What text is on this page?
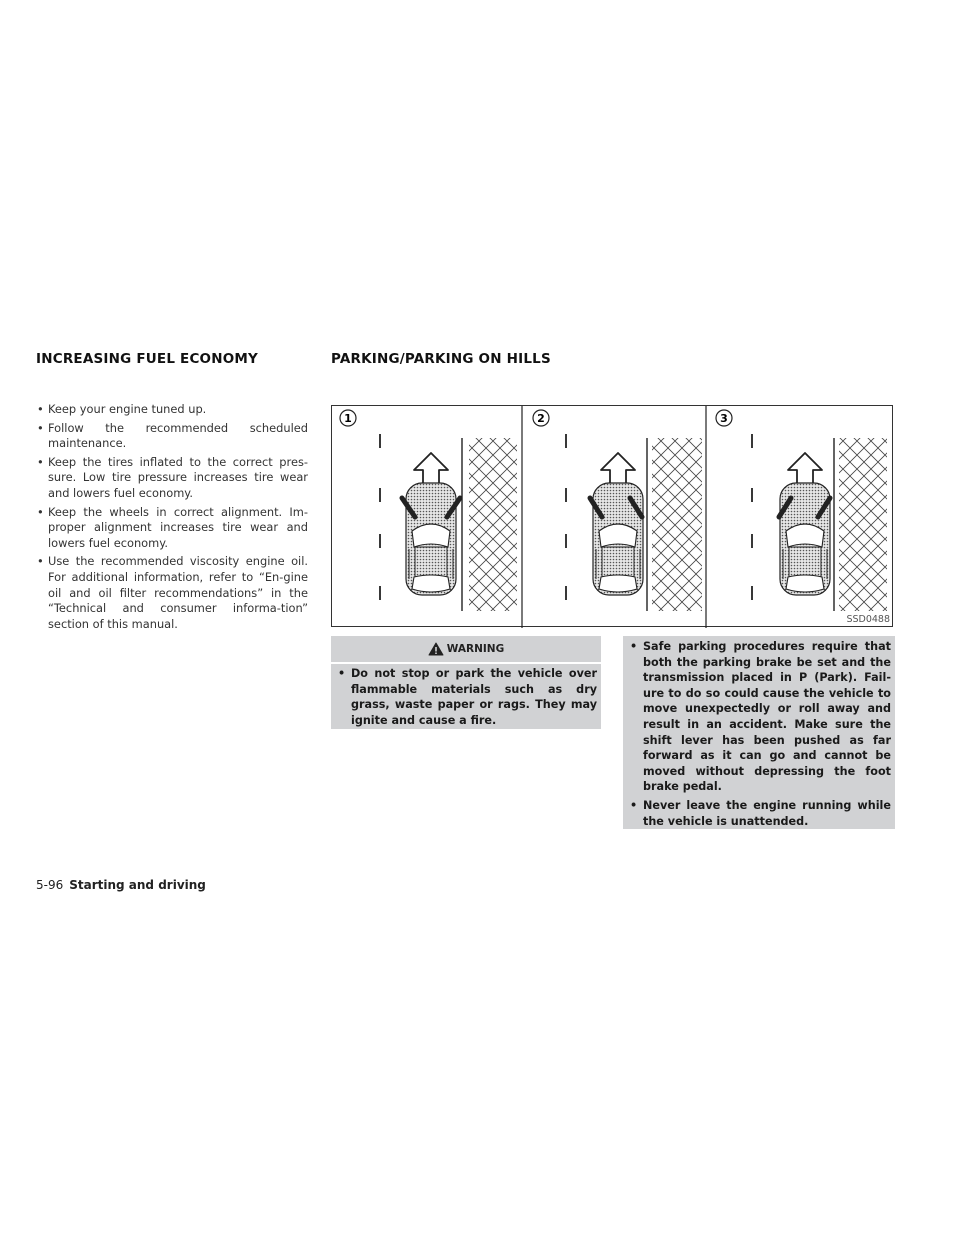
INCREASING FUEL ECONOMY	PARKING/PARKING ON HILLS
• Keep your engine tuned up.
• Follow the recommended scheduled maintenance.
• Keep the tires inflated to the correct pres-sure. Low tire pressure increases tire wear and lowers fuel economy.
• Keep the wheels in correct alignment. Im-proper alignment increases tire wear and lowers fuel economy.
• Use the recommended viscosity engine oil. For additional information, refer to “En-gine oil and oil filter recommendations” in the “Technical and consumer informa-tion” section of this manual.
1	2	3
SSD0488
WARNING
• Do not stop or park the vehicle over flammable materials such as dry grass, waste paper or rags. They may ignite and cause a fire.
• Safe parking procedures require that both the parking brake be set and the transmission placed in P (Park). Fail-ure to do so could cause the vehicle to move unexpectedly or roll away and result in an accident. Make sure the shift lever has been pushed as far forward as it can go and cannot be moved without depressing the foot brake pedal.
• Never leave the engine running while the vehicle is unattended.
5-96 Starting and driving
